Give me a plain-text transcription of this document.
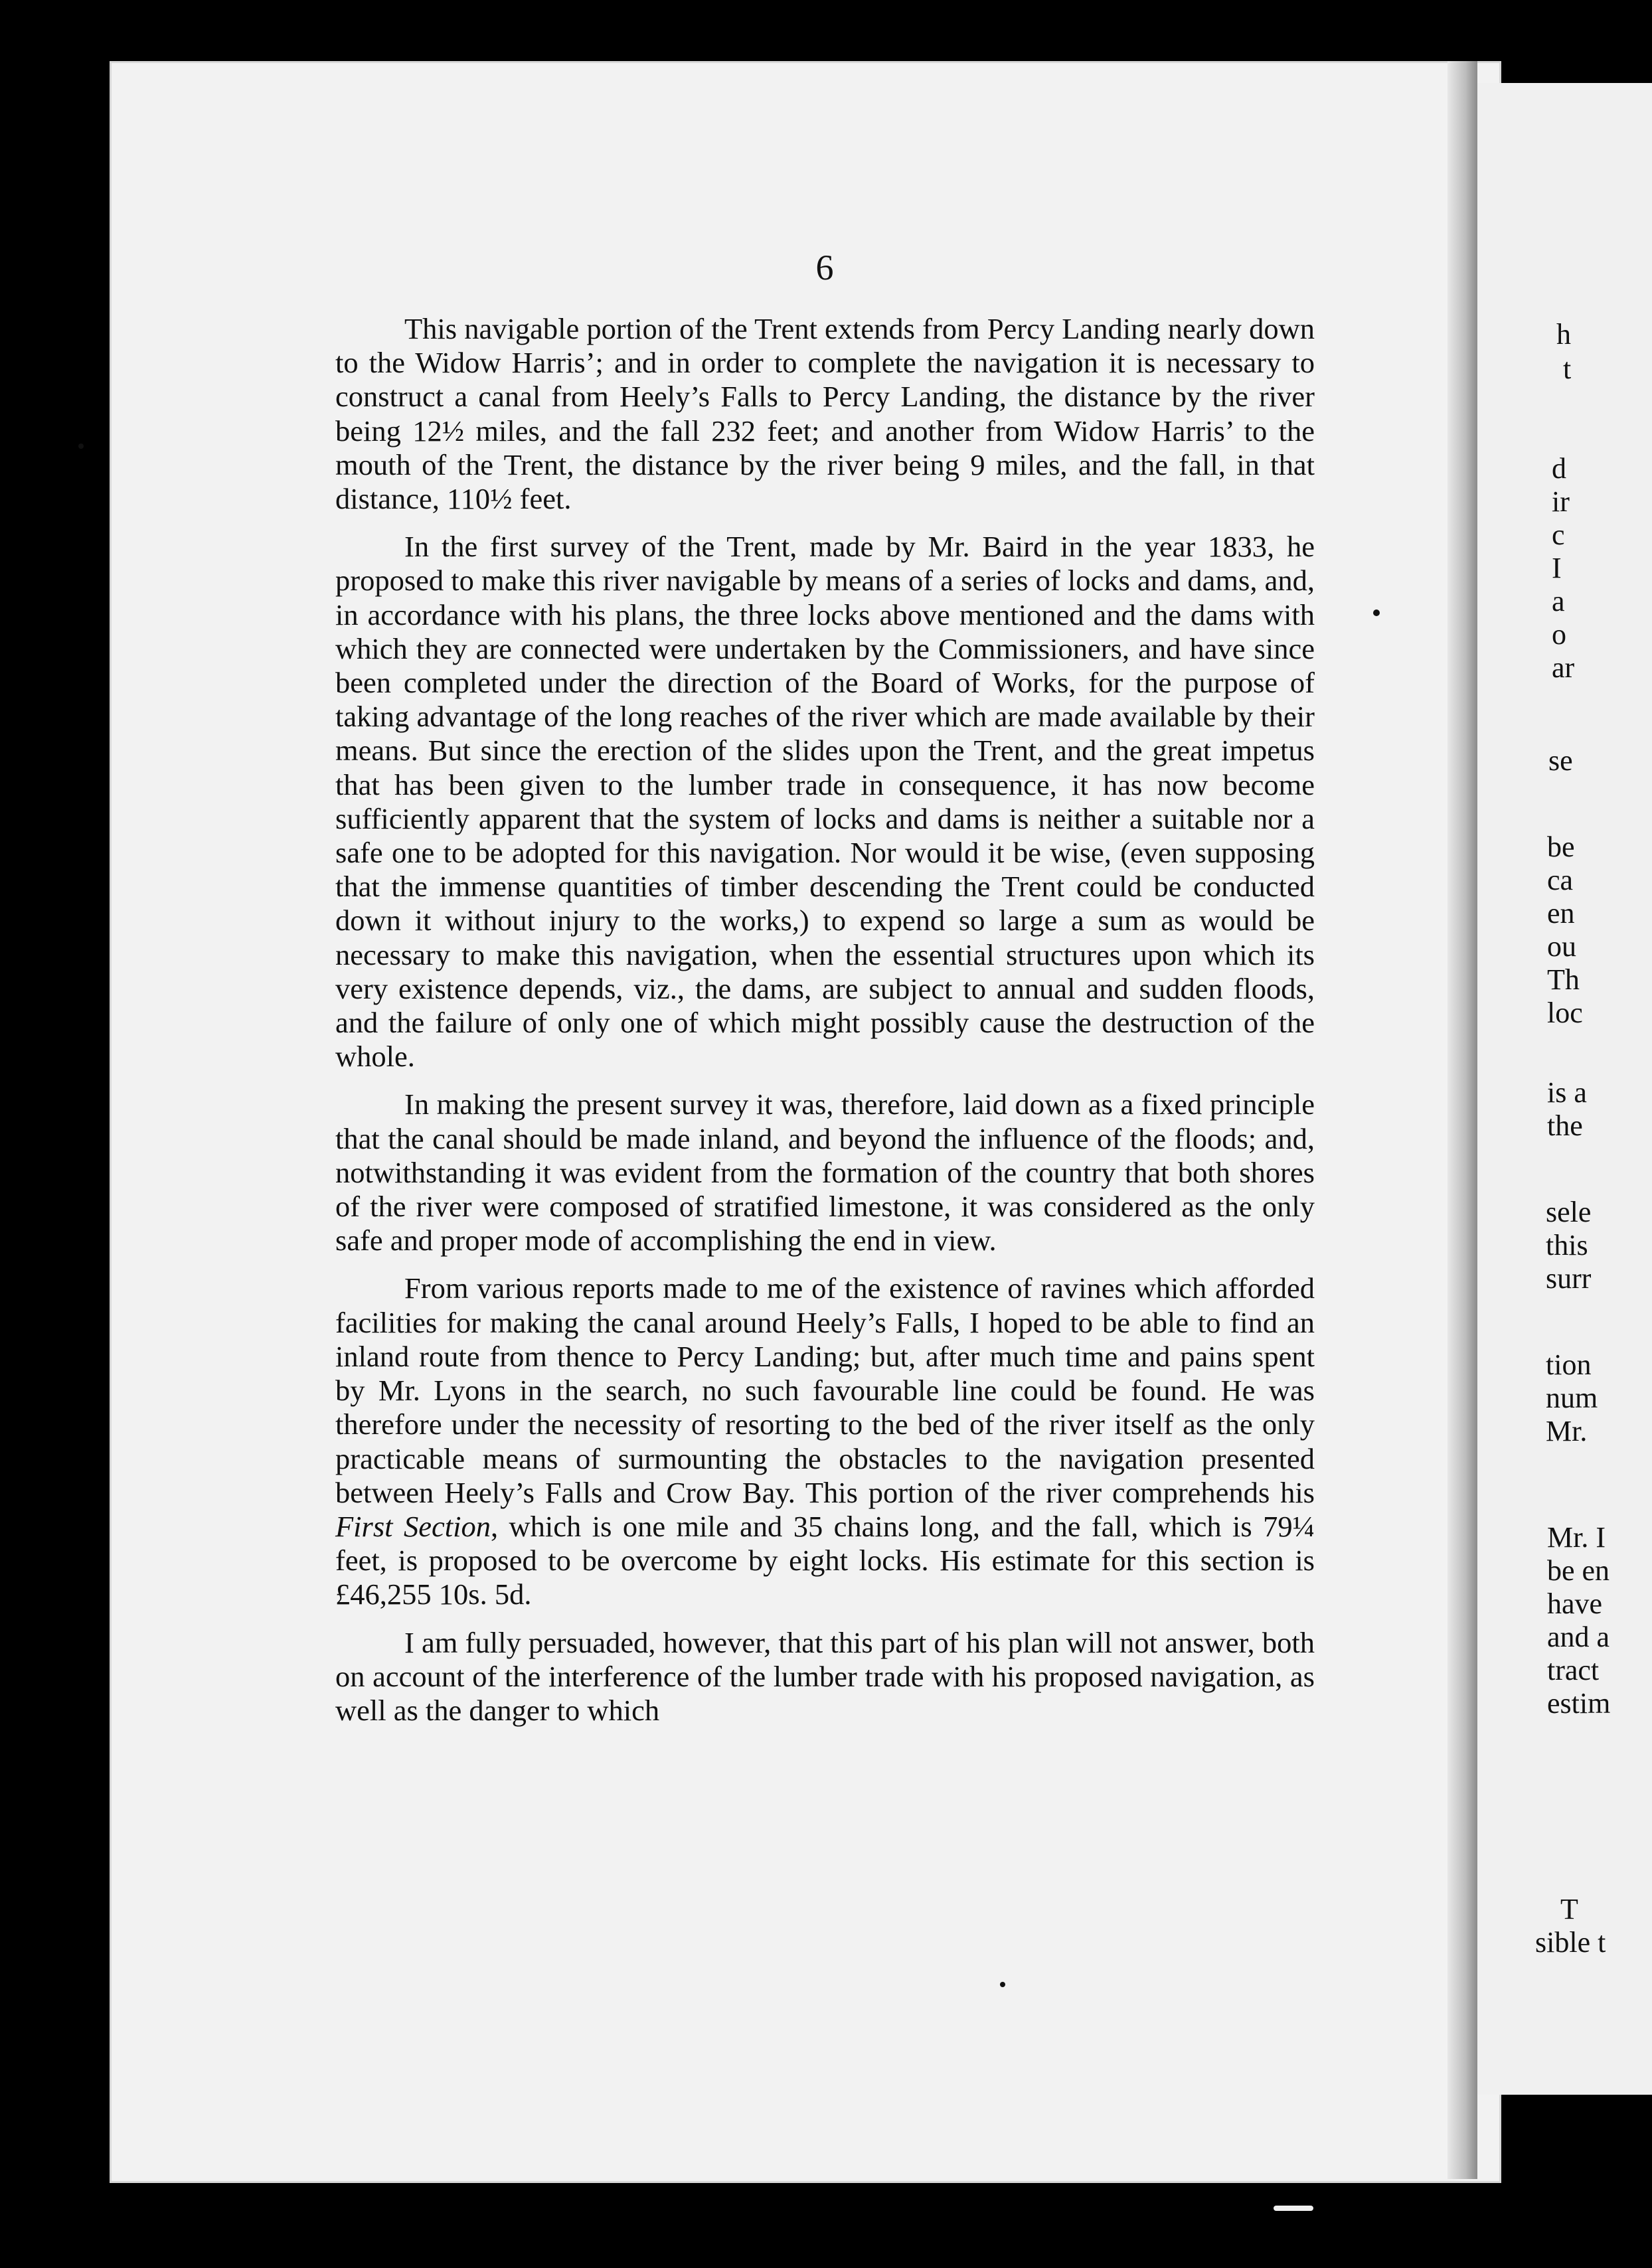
6

This navigable portion of the Trent extends from Percy Landing nearly down to the Widow Harris’; and in order to complete the navigation it is necessary to construct a canal from Heely’s Falls to Percy Landing, the distance by the river being 12½ miles, and the fall 232 feet; and another from Widow Harris’ to the mouth of the Trent, the distance by the river being 9 miles, and the fall, in that distance, 110½ feet.

In the first survey of the Trent, made by Mr. Baird in the year 1833, he proposed to make this river navigable by means of a series of locks and dams, and, in accordance with his plans, the three locks above mentioned and the dams with which they are connected were undertaken by the Commissioners, and have since been completed under the direction of the Board of Works, for the purpose of taking advantage of the long reaches of the river which are made available by their means. But since the erection of the slides upon the Trent, and the great impetus that has been given to the lumber trade in consequence, it has now become sufficiently apparent that the system of locks and dams is neither a suitable nor a safe one to be adopted for this navigation. Nor would it be wise, (even supposing that the immense quantities of timber descending the Trent could be conducted down it without injury to the works,) to expend so large a sum as would be necessary to make this navigation, when the essential structures upon which its very existence depends, viz., the dams, are subject to annual and sudden floods, and the failure of only one of which might possibly cause the destruction of the whole.

In making the present survey it was, therefore, laid down as a fixed principle that the canal should be made inland, and beyond the influence of the floods; and, notwithstanding it was evident from the formation of the country that both shores of the river were composed of stratified limestone, it was considered as the only safe and proper mode of accomplishing the end in view.

From various reports made to me of the existence of ravines which afforded facilities for making the canal around Heely’s Falls, I hoped to be able to find an inland route from thence to Percy Landing; but, after much time and pains spent by Mr. Lyons in the search, no such favourable line could be found. He was therefore under the necessity of resorting to the bed of the river itself as the only practicable means of surmounting the obstacles to the navigation presented between Heely’s Falls and Crow Bay. This portion of the river comprehends his First Section, which is one mile and 35 chains long, and the fall, which is 79¼ feet, is proposed to be overcome by eight locks. His estimate for this section is £46,255 10s. 5d.

I am fully persuaded, however, that this part of his plan will not answer, both on account of the interference of the lumber trade with his proposed navigation, as well as the danger to which

h
t
d
ir
c
I
a
o
ar
se
be
ca
en
ou
Th
loc
is a
the
sele
this
surr
tion
num
Mr.
Mr. I
be en
have
and a
tract
estim
T
sible t
